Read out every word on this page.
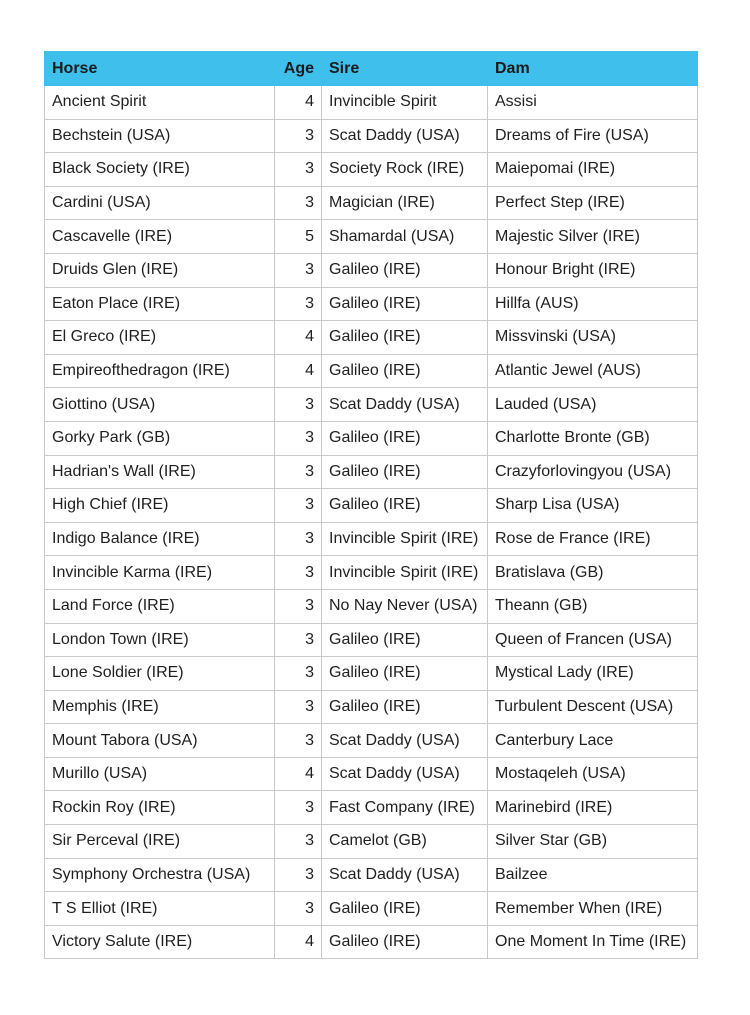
Horse	Age	Sire	Dam
Ancient Spirit	4	Invincible Spirit	Assisi
Bechstein (USA)	3	Scat Daddy (USA)	Dreams of Fire (USA)
Black Society (IRE)	3	Society Rock (IRE)	Maiepomai (IRE)
Cardini (USA)	3	Magician (IRE)	Perfect Step (IRE)
Cascavelle (IRE)	5	Shamardal (USA)	Majestic Silver (IRE)
Druids Glen (IRE)	3	Galileo (IRE)	Honour Bright (IRE)
Eaton Place (IRE)	3	Galileo (IRE)	Hillfa (AUS)
El Greco (IRE)	4	Galileo (IRE)	Missvinski (USA)
Empireofthedragon (IRE)	4	Galileo (IRE)	Atlantic Jewel (AUS)
Giottino (USA)	3	Scat Daddy (USA)	Lauded (USA)
Gorky Park (GB)	3	Galileo (IRE)	Charlotte Bronte (GB)
Hadrian's Wall (IRE)	3	Galileo (IRE)	Crazyforlovingyou (USA)
High Chief (IRE)	3	Galileo (IRE)	Sharp Lisa (USA)
Indigo Balance (IRE)	3	Invincible Spirit (IRE)	Rose de France (IRE)
Invincible Karma (IRE)	3	Invincible Spirit (IRE)	Bratislava (GB)
Land Force (IRE)	3	No Nay Never (USA)	Theann (GB)
London Town (IRE)	3	Galileo (IRE)	Queen of Francen (USA)
Lone Soldier (IRE)	3	Galileo (IRE)	Mystical Lady (IRE)
Memphis (IRE)	3	Galileo (IRE)	Turbulent Descent (USA)
Mount Tabora (USA)	3	Scat Daddy (USA)	Canterbury Lace
Murillo (USA)	4	Scat Daddy (USA)	Mostaqeleh (USA)
Rockin Roy (IRE)	3	Fast Company (IRE)	Marinebird (IRE)
Sir Perceval (IRE)	3	Camelot (GB)	Silver Star (GB)
Symphony Orchestra (USA)	3	Scat Daddy (USA)	Bailzee
T S Elliot (IRE)	3	Galileo (IRE)	Remember When (IRE)
Victory Salute (IRE)	4	Galileo (IRE)	One Moment In Time (IRE)
